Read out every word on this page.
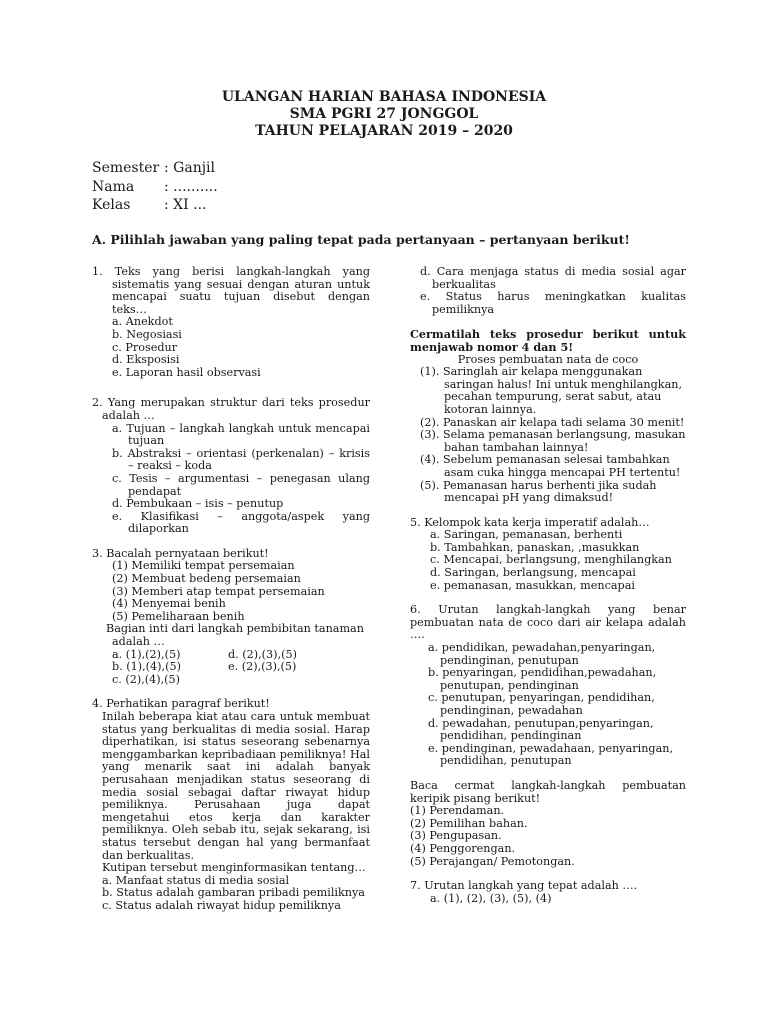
ULANGAN HARIAN BAHASA INDONESIA
SMA PGRI 27 JONGGOL
TAHUN PELAJARAN 2019 – 2020
Semester : Ganjil
Nama : ..........
Kelas : XI ...
A. Pilihlah jawaban yang paling tepat pada pertanyaan – pertanyaan berikut!

1. Teks yang berisi langkah-langkah yang sistematis yang sesuai dengan aturan untuk mencapai suatu tujuan disebut dengan teks…

a. Anekdot

b. Negosiasi

c. Prosedur

d. Eksposisi

e. Laporan hasil observasi

2. Yang merupakan struktur dari teks prosedur adalah …

a. Tujuan – langkah langkah untuk mencapai tujuan

b. Abstraksi – orientasi (perkenalan) – krisis – reaksi – koda

c. Tesis – argumentasi – penegasan ulang pendapat

d. Pembukaan – isis – penutup

e. Klasifikasi – anggota/aspek yang dilaporkan

3. Bacalah pernyataan berikut!

(1) Memiliki tempat persemaian

(2) Membuat bedeng persemaian

(3) Memberi atap tempat persemaian

(4) Menyemai benih

(5) Pemeliharaan benih

Bagian inti dari langkah pembibitan tanaman adalah …

a. (1),(2),(5)	d. (2),(3),(5)
b. (1),(4),(5)	e. (2),(3),(5)

c. (2),(4),(5)

4. Perhatikan paragraf berikut!

Inilah beberapa kiat atau cara untuk membuat status yang berkualitas di media sosial. Harap diperhatikan, isi status seseorang sebenarnya menggambarkan kepribadiaan pemiliknya! Hal yang menarik saat ini adalah banyak perusahaan menjadikan status seseorang di media sosial sebagai daftar riwayat hidup pemiliknya. Perusahaan juga dapat mengetahui etos kerja dan karakter pemiliknya. Oleh sebab itu, sejak sekarang, isi status tersebut dengan hal yang bermanfaat dan berkualitas.

Kutipan tersebut menginformasikan tentang…

a. Manfaat status di media sosial

b. Status adalah gambaran pribadi pemiliknya

c. Status adalah riwayat hidup pemiliknya

d. Cara menjaga status di media sosial agar berkualitas

e. Status harus meningkatkan kualitas pemiliknya

Cermatilah teks prosedur berikut untuk menjawab nomor 4 dan 5!

Proses pembuatan nata de coco

(1). Saringlah air kelapa menggunakan saringan halus! Ini untuk menghilangkan, pecahan tempurung, serat sabut, atau kotoran lainnya.

(2). Panaskan air kelapa tadi selama 30 menit!

(3). Selama pemanasan berlangsung, masukan bahan tambahan lainnya!

(4). Sebelum pemanasan selesai tambahkan asam cuka hingga mencapai PH tertentu!

(5). Pemanasan harus berhenti jika sudah mencapai pH yang dimaksud!

5. Kelompok kata kerja imperatif adalah…

a. Saringan, pemanasan, berhenti

b. Tambahkan, panaskan, ,masukkan

c. Mencapai, berlangsung, menghilangkan

d. Saringan, berlangsung, mencapai

e. pemanasan, masukkan, mencapai

6. Urutan langkah-langkah yang benar pembuatan nata de coco dari air kelapa adalah ….

a. pendidikan, pewadahan,penyaringan, pendinginan, penutupan

b. penyaringan, pendidihan,pewadahan, penutupan, pendinginan

c. penutupan, penyaringan, pendidihan, pendinginan, pewadahan

d. pewadahan, penutupan,penyaringan, pendidihan, pendinginan

e. pendinginan, pewadahaan, penyaringan, pendidihan, penutupan

Baca cermat langkah-langkah pembuatan keripik pisang berikut!

(1) Perendaman.

(2) Pemilihan bahan.

(3) Pengupasan.

(4) Penggorengan.

(5) Perajangan/ Pemotongan.

7. Urutan langkah yang tepat adalah ….

a. (1), (2), (3), (5), (4)
